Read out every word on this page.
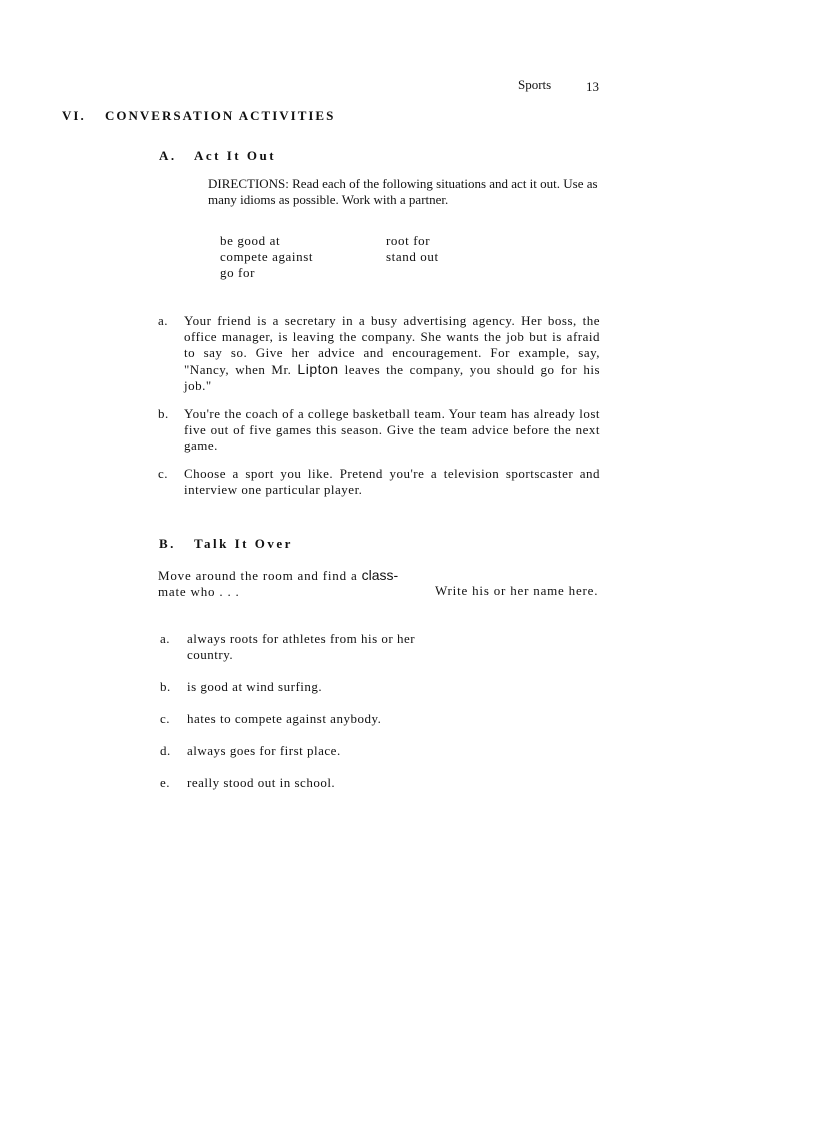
Sports	13
VI. CONVERSATION ACTIVITIES
A. Act It Out
DIRECTIONS: Read each of the following situations and act it out. Use as many idioms as possible. Work with a partner.
be good at
compete against
go for
root for
stand out
a. Your friend is a secretary in a busy advertising agency. Her boss, the office manager, is leaving the company. She wants the job but is afraid to say so. Give her advice and encouragement. For example, say, "Nancy, when Mr. Lipton leaves the company, you should go for his job."
b. You're the coach of a college basketball team. Your team has already lost five out of five games this season. Give the team advice before the next game.
c. Choose a sport you like. Pretend you're a television sportscaster and interview one particular player.
B. Talk It Over
Move around the room and find a class-
mate who . . .	Write his or her name here.
a. always roots for athletes from his or her country.
b. is good at wind surfing.
c. hates to compete against anybody.
d. always goes for first place.
e. really stood out in school.
